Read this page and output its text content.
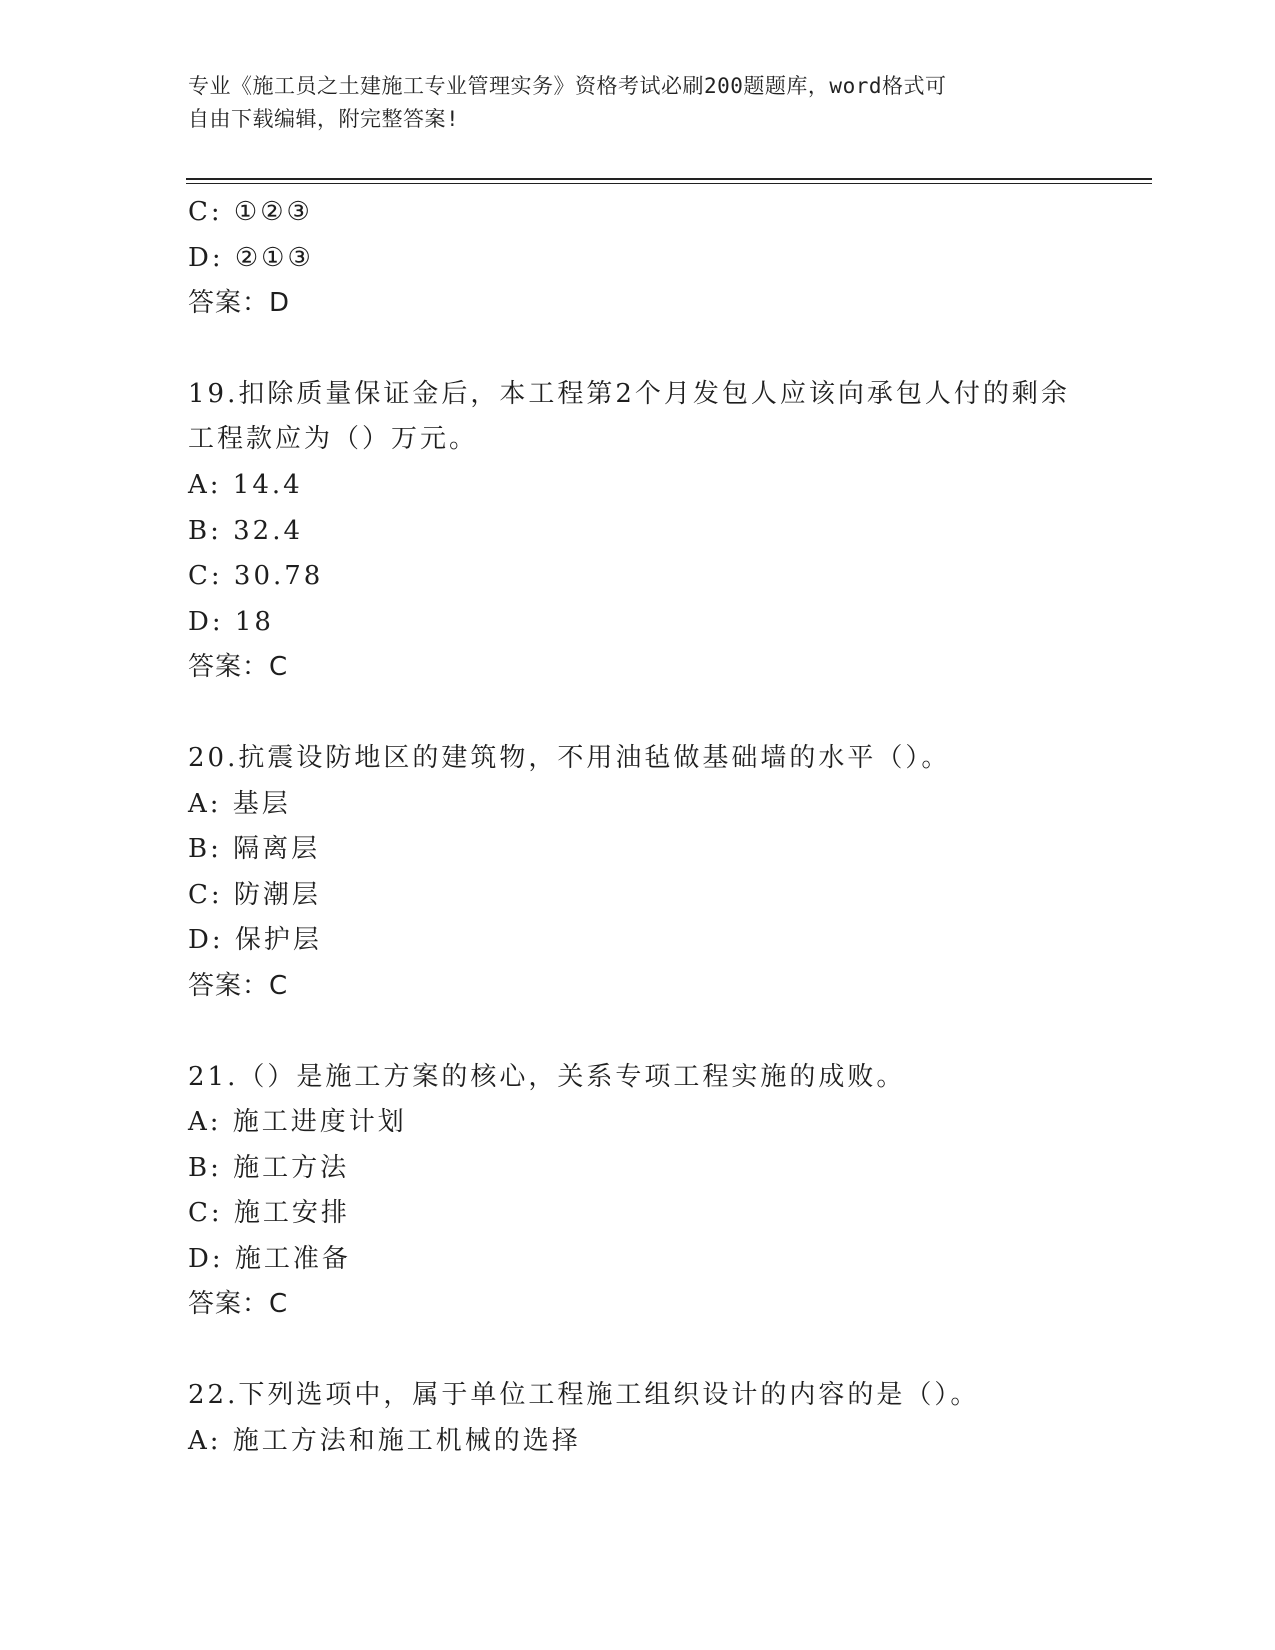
专业《施工员之土建施工专业管理实务》资格考试必刷200题题库，word格式可
自由下载编辑，附完整答案!
C: ①②③
D: ②①③
答案：D
19.扣除质量保证金后，本工程第2个月发包人应该向承包人付的剩余
工程款应为（）万元。
A: 14.4
B: 32.4
C: 30.78
D: 18
答案：C
20.抗震设防地区的建筑物，不用油毡做基础墙的水平（）。
A: 基层
B: 隔离层
C: 防潮层
D: 保护层
答案：C
21.（）是施工方案的核心，关系专项工程实施的成败。
A: 施工进度计划
B: 施工方法
C: 施工安排
D: 施工准备
答案：C
22.下列选项中，属于单位工程施工组织设计的内容的是（）。
A: 施工方法和施工机械的选择
